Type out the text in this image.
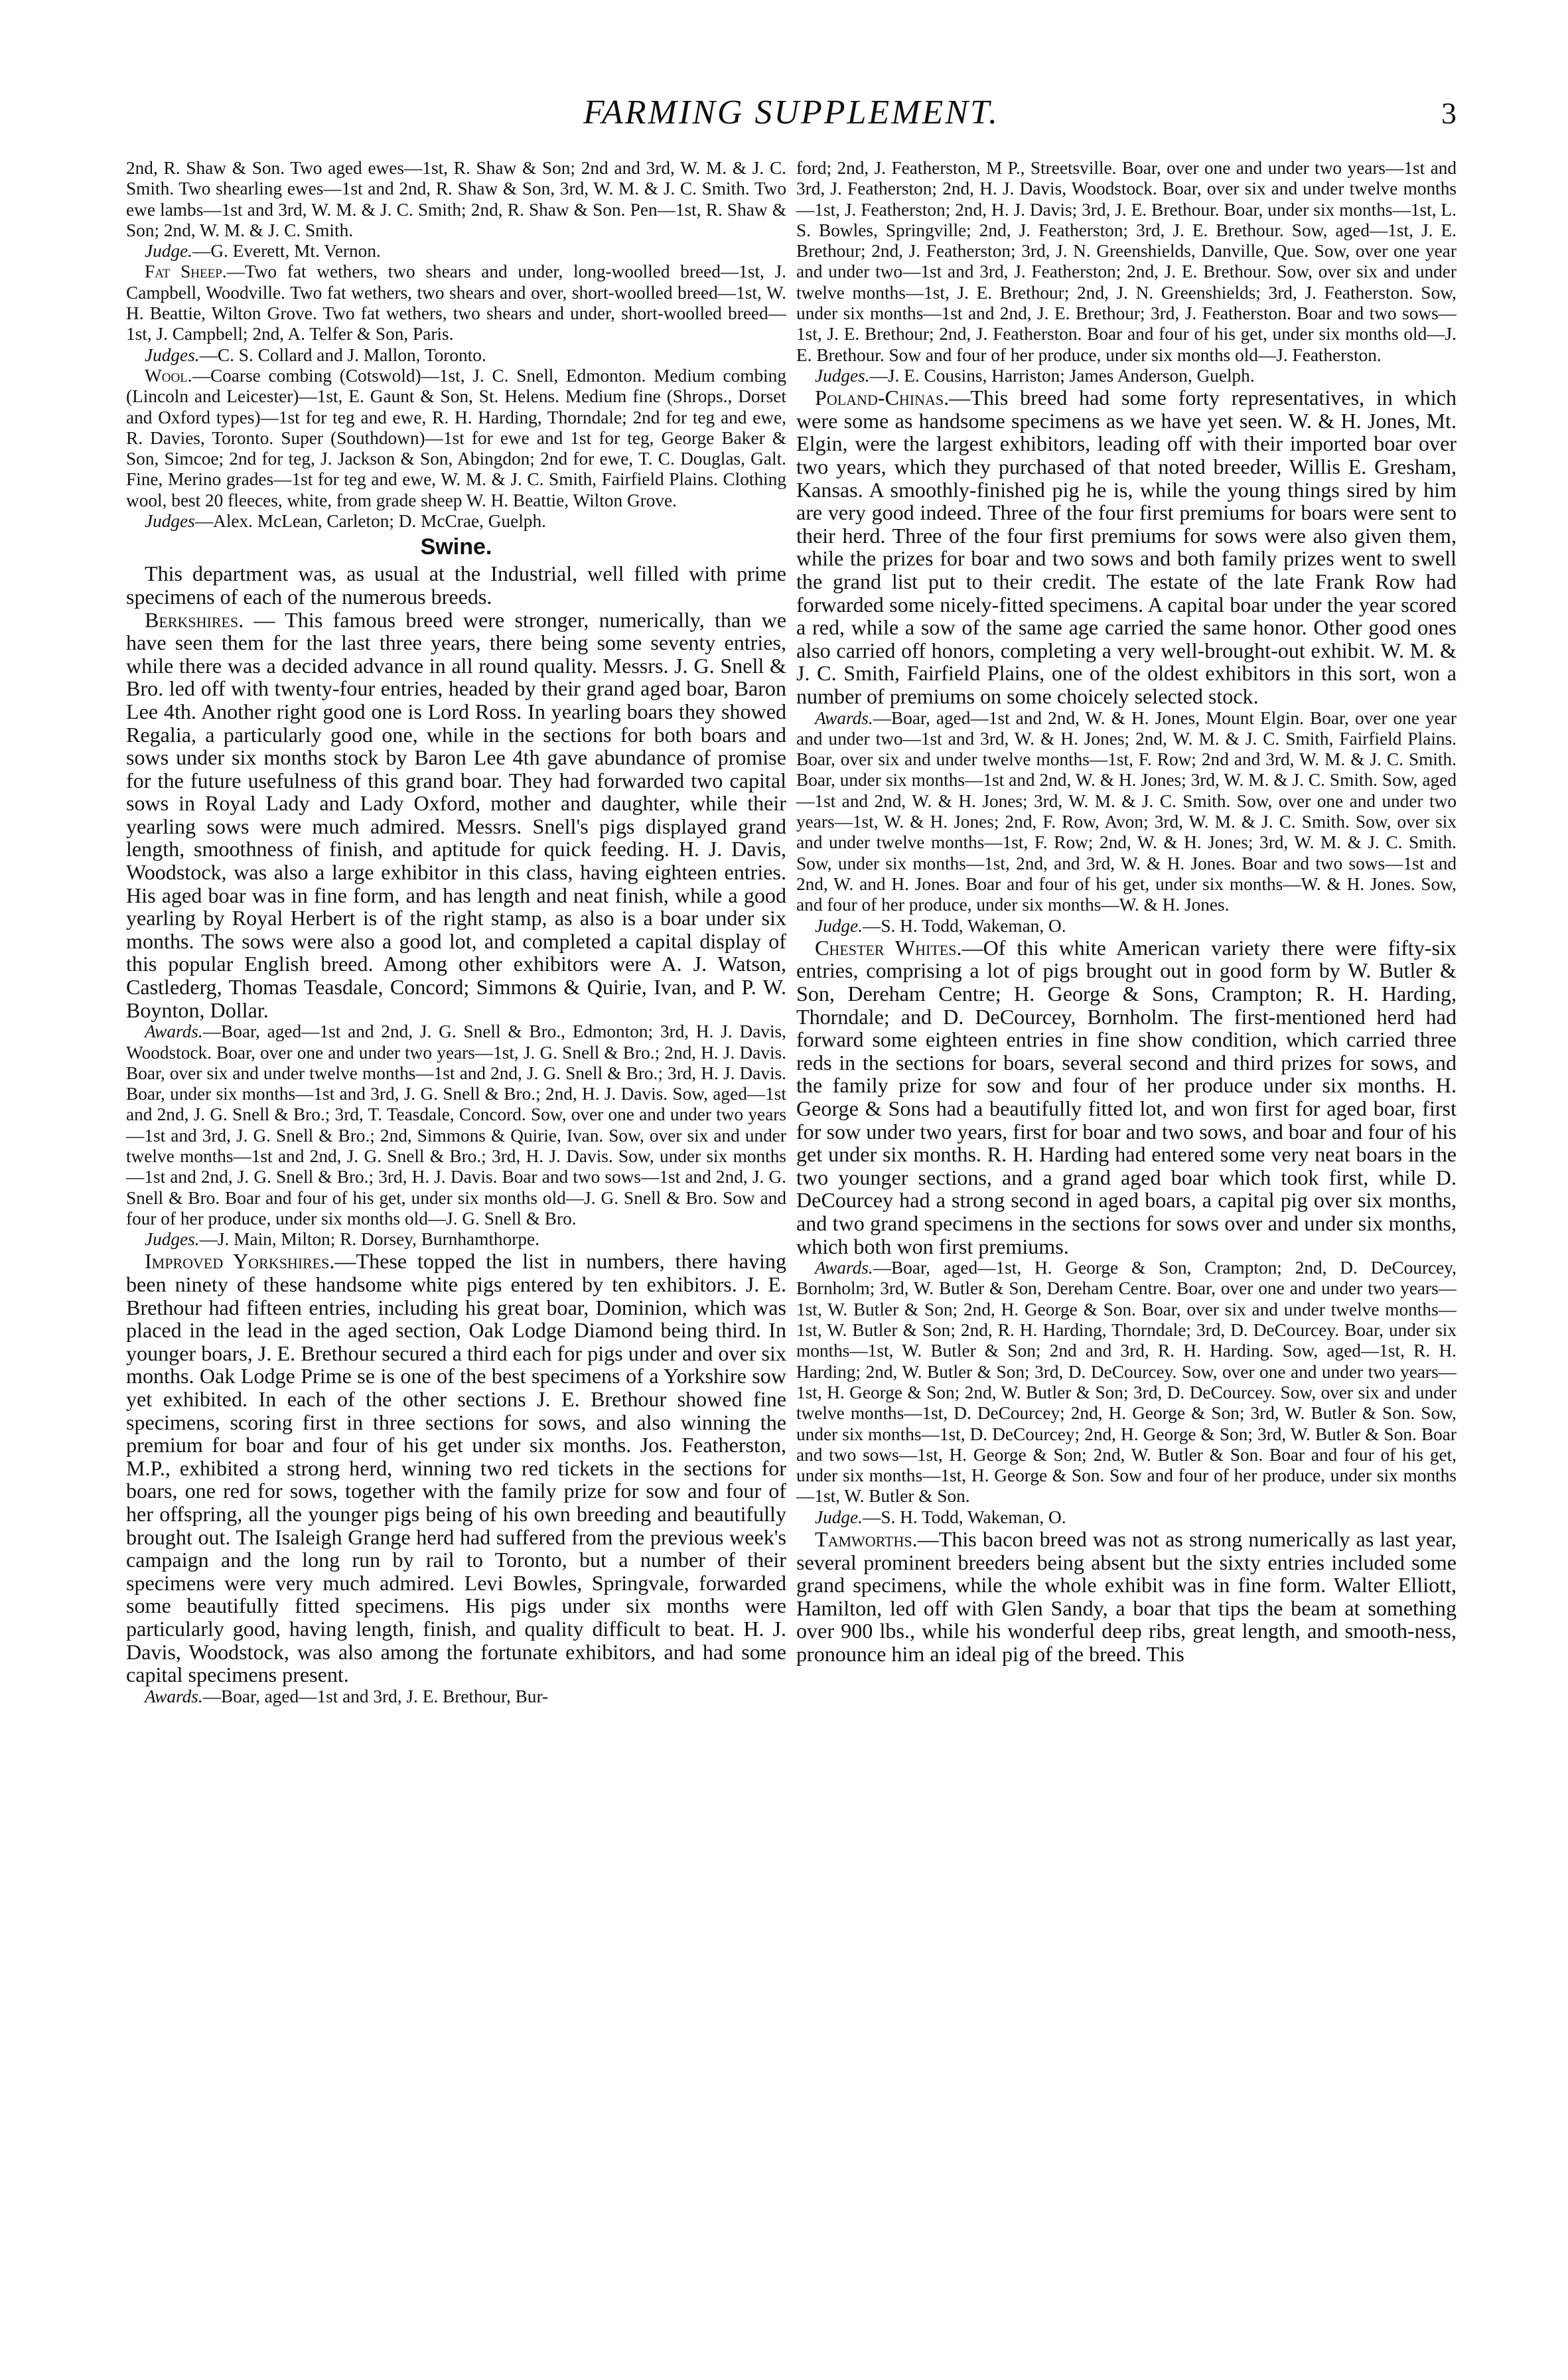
FARMING SUPPLEMENT.	3

2nd, R. Shaw & Son. Two aged ewes—1st, R. Shaw & Son; 2nd and 3rd, W. M. & J. C. Smith. Two shearling ewes—1st and 2nd, R. Shaw & Son, 3rd, W. M. & J. C. Smith. Two ewe lambs—1st and 3rd, W. M. & J. C. Smith; 2nd, R. Shaw & Son. Pen—1st, R. Shaw & Son; 2nd, W. M. & J. C. Smith.

Judge.—G. Everett, Mt. Vernon.

Fat Sheep.—Two fat wethers, two shears and under, long-woolled breed—1st, J. Campbell, Woodville. Two fat wethers, two shears and over, short-woolled breed—1st, W. H. Beattie, Wilton Grove. Two fat wethers, two shears and under, short-woolled breed—1st, J. Campbell; 2nd, A. Telfer & Son, Paris.

Judges.—C. S. Collard and J. Mallon, Toronto.

Wool.—Coarse combing (Cotswold)—1st, J. C. Snell, Edmonton. Medium combing (Lincoln and Leicester)—1st, E. Gaunt & Son, St. Helens. Medium fine (Shrops., Dorset and Oxford types)—1st for teg and ewe, R. H. Harding, Thorndale; 2nd for teg and ewe, R. Davies, Toronto. Super (Southdown)—1st for ewe and 1st for teg, George Baker & Son, Simcoe; 2nd for teg, J. Jackson & Son, Abingdon; 2nd for ewe, T. C. Douglas, Galt. Fine, Merino grades—1st for teg and ewe, W. M. & J. C. Smith, Fairfield Plains. Clothing wool, best 20 fleeces, white, from grade sheep W. H. Beattie, Wilton Grove.

Judges—Alex. McLean, Carleton; D. McCrae, Guelph.

Swine.

This department was, as usual at the Industrial, well filled with prime specimens of each of the numerous breeds.

Berkshires. — This famous breed were stronger, numerically, than we have seen them for the last three years, there being some seventy entries, while there was a decided advance in all round quality. Messrs. J. G. Snell & Bro. led off with twenty-four entries, headed by their grand aged boar, Baron Lee 4th. Another right good one is Lord Ross. In yearling boars they showed Regalia, a particularly good one, while in the sections for both boars and sows under six months stock by Baron Lee 4th gave abundance of promise for the future usefulness of this grand boar. They had forwarded two capital sows in Royal Lady and Lady Oxford, mother and daughter, while their yearling sows were much admired. Messrs. Snell's pigs displayed grand length, smoothness of finish, and aptitude for quick feeding. H. J. Davis, Woodstock, was also a large exhibitor in this class, having eighteen entries. His aged boar was in fine form, and has length and neat finish, while a good yearling by Royal Herbert is of the right stamp, as also is a boar under six months. The sows were also a good lot, and completed a capital display of this popular English breed. Among other exhibitors were A. J. Watson, Castlederg, Thomas Teasdale, Concord; Simmons & Quirie, Ivan, and P. W. Boynton, Dollar.

Awards.—Boar, aged—1st and 2nd, J. G. Snell & Bro., Edmonton; 3rd, H. J. Davis, Woodstock. Boar, over one and under two years—1st, J. G. Snell & Bro.; 2nd, H. J. Davis. Boar, over six and under twelve months—1st and 2nd, J. G. Snell & Bro.; 3rd, H. J. Davis. Boar, under six months—1st and 3rd, J. G. Snell & Bro.; 2nd, H. J. Davis. Sow, aged—1st and 2nd, J. G. Snell & Bro.; 3rd, T. Teasdale, Concord. Sow, over one and under two years—1st and 3rd, J. G. Snell & Bro.; 2nd, Simmons & Quirie, Ivan. Sow, over six and under twelve months—1st and 2nd, J. G. Snell & Bro.; 3rd, H. J. Davis. Sow, under six months—1st and 2nd, J. G. Snell & Bro.; 3rd, H. J. Davis. Boar and two sows—1st and 2nd, J. G. Snell & Bro. Boar and four of his get, under six months old—J. G. Snell & Bro. Sow and four of her produce, under six months old—J. G. Snell & Bro.

Judges.—J. Main, Milton; R. Dorsey, Burnhamthorpe.

Improved Yorkshires.—These topped the list in numbers, there having been ninety of these handsome white pigs entered by ten exhibitors. J. E. Brethour had fifteen entries, including his great boar, Dominion, which was placed in the lead in the aged section, Oak Lodge Diamond being third. In younger boars, J. E. Brethour secured a third each for pigs under and over six months. Oak Lodge Prime se is one of the best specimens of a Yorkshire sow yet exhibited. In each of the other sections J. E. Brethour showed fine specimens, scoring first in three sections for sows, and also winning the premium for boar and four of his get under six months. Jos. Featherston, M.P., exhibited a strong herd, winning two red tickets in the sections for boars, one red for sows, together with the family prize for sow and four of her offspring, all the younger pigs being of his own breeding and beautifully brought out. The Isaleigh Grange herd had suffered from the previous week's campaign and the long run by rail to Toronto, but a number of their specimens were very much admired. Levi Bowles, Springvale, forwarded some beautifully fitted specimens. His pigs under six months were particularly good, having length, finish, and quality difficult to beat. H. J. Davis, Woodstock, was also among the fortunate exhibitors, and had some capital specimens present.

Awards.—Boar, aged—1st and 3rd, J. E. Brethour, Bur-

ford; 2nd, J. Featherston, M P., Streetsville. Boar, over one and under two years—1st and 3rd, J. Featherston; 2nd, H. J. Davis, Woodstock. Boar, over six and under twelve months—1st, J. Featherston; 2nd, H. J. Davis; 3rd, J. E. Brethour. Boar, under six months—1st, L. S. Bowles, Springville; 2nd, J. Featherston; 3rd, J. E. Brethour. Sow, aged—1st, J. E. Brethour; 2nd, J. Featherston; 3rd, J. N. Greenshields, Danville, Que. Sow, over one year and under two—1st and 3rd, J. Featherston; 2nd, J. E. Brethour. Sow, over six and under twelve months—1st, J. E. Brethour; 2nd, J. N. Greenshields; 3rd, J. Featherston. Sow, under six months—1st and 2nd, J. E. Brethour; 3rd, J. Featherston. Boar and two sows—1st, J. E. Brethour; 2nd, J. Featherston. Boar and four of his get, under six months old—J. E. Brethour. Sow and four of her produce, under six months old—J. Featherston.

Judges.—J. E. Cousins, Harriston; James Anderson, Guelph.

Poland-Chinas.—This breed had some forty representatives, in which were some as handsome specimens as we have yet seen. W. & H. Jones, Mt. Elgin, were the largest exhibitors, leading off with their imported boar over two years, which they purchased of that noted breeder, Willis E. Gresham, Kansas. A smoothly-finished pig he is, while the young things sired by him are very good indeed. Three of the four first premiums for boars were sent to their herd. Three of the four first premiums for sows were also given them, while the prizes for boar and two sows and both family prizes went to swell the grand list put to their credit. The estate of the late Frank Row had forwarded some nicely-fitted specimens. A capital boar under the year scored a red, while a sow of the same age carried the same honor. Other good ones also carried off honors, completing a very well-brought-out exhibit. W. M. & J. C. Smith, Fairfield Plains, one of the oldest exhibitors in this sort, won a number of premiums on some choicely selected stock.

Awards.—Boar, aged—1st and 2nd, W. & H. Jones, Mount Elgin. Boar, over one year and under two—1st and 3rd, W. & H. Jones; 2nd, W. M. & J. C. Smith, Fairfield Plains. Boar, over six and under twelve months—1st, F. Row; 2nd and 3rd, W. M. & J. C. Smith. Boar, under six months—1st and 2nd, W. & H. Jones; 3rd, W. M. & J. C. Smith. Sow, aged—1st and 2nd, W. & H. Jones; 3rd, W. M. & J. C. Smith. Sow, over one and under two years—1st, W. & H. Jones; 2nd, F. Row, Avon; 3rd, W. M. & J. C. Smith. Sow, over six and under twelve months—1st, F. Row; 2nd, W. & H. Jones; 3rd, W. M. & J. C. Smith. Sow, under six months—1st, 2nd, and 3rd, W. & H. Jones. Boar and two sows—1st and 2nd, W. and H. Jones. Boar and four of his get, under six months—W. & H. Jones. Sow, and four of her produce, under six months—W. & H. Jones.

Judge.—S. H. Todd, Wakeman, O.

Chester Whites.—Of this white American variety there were fifty-six entries, comprising a lot of pigs brought out in good form by W. Butler & Son, Dereham Centre; H. George & Sons, Crampton; R. H. Harding, Thorndale; and D. DeCourcey, Bornholm. The first-mentioned herd had forward some eighteen entries in fine show condition, which carried three reds in the sections for boars, several second and third prizes for sows, and the family prize for sow and four of her produce under six months. H. George & Sons had a beautifully fitted lot, and won first for aged boar, first for sow under two years, first for boar and two sows, and boar and four of his get under six months. R. H. Harding had entered some very neat boars in the two younger sections, and a grand aged boar which took first, while D. DeCourcey had a strong second in aged boars, a capital pig over six months, and two grand specimens in the sections for sows over and under six months, which both won first premiums.

Awards.—Boar, aged—1st, H. George & Son, Crampton; 2nd, D. DeCourcey, Bornholm; 3rd, W. Butler & Son, Dereham Centre. Boar, over one and under two years—1st, W. Butler & Son; 2nd, H. George & Son. Boar, over six and under twelve months—1st, W. Butler & Son; 2nd, R. H. Harding, Thorndale; 3rd, D. DeCourcey. Boar, under six months—1st, W. Butler & Son; 2nd and 3rd, R. H. Harding. Sow, aged—1st, R. H. Harding; 2nd, W. Butler & Son; 3rd, D. DeCourcey. Sow, over one and under two years—1st, H. George & Son; 2nd, W. Butler & Son; 3rd, D. DeCourcey. Sow, over six and under twelve months—1st, D. DeCourcey; 2nd, H. George & Son; 3rd, W. Butler & Son. Sow, under six months—1st, D. DeCourcey; 2nd, H. George & Son; 3rd, W. Butler & Son. Boar and two sows—1st, H. George & Son; 2nd, W. Butler & Son. Boar and four of his get, under six months—1st, H. George & Son. Sow and four of her produce, under six months—1st, W. Butler & Son.

Judge.—S. H. Todd, Wakeman, O.

Tamworths.—This bacon breed was not as strong numerically as last year, several prominent breeders being absent but the sixty entries included some grand specimens, while the whole exhibit was in fine form. Walter Elliott, Hamilton, led off with Glen Sandy, a boar that tips the beam at something over 900 lbs., while his wonderful deep ribs, great length, and smooth-ness, pronounce him an ideal pig of the breed. This
